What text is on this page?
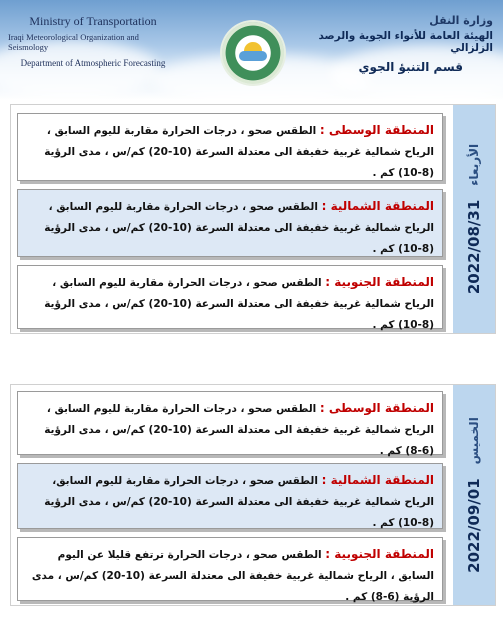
Ministry of Transportation
Iraqi Meteorological Organization and Seismology
Department of Atmospheric Forecasting
وزارة النقل
الهيئة العامة للأنواء الجوية والرصد الزلزالي
قسم التنبؤ الجوي
الأربعاء
2022/08/31
المنطقة الوسطى : الطقس صحو ، درجات الحرارة مقاربة لليوم السابق ، الرياح شمالية غربية خفيفة الى معتدلة السرعة (10-20) كم/س ، مدى الرؤية (8-10) كم .
المنطقة الشمالية : الطقس صحو ، درجات الحرارة مقاربة لليوم السابق ، الرياح شمالية غربية خفيفة الى معتدلة السرعة (10-20) كم/س ، مدى الرؤية (8-10) كم .
المنطقة الجنوبية : الطقس صحو ، درجات الحرارة مقاربة لليوم السابق ، الرياح شمالية غربية خفيفة الى معتدلة السرعة (10-20) كم/س ، مدى الرؤية (8-10) كم .
الخميس
2022/09/01
المنطقة الوسطى : الطقس صحو ، درجات الحرارة مقاربة لليوم السابق ، الرياح شمالية غربية خفيفة الى معتدلة السرعة (10-20) كم/س ، مدى الرؤية (6-8) كم .
المنطقة الشمالية : الطقس صحو ، درجات الحرارة مقاربة لليوم السابق، الرياح شمالية غربية خفيفة الى معتدلة السرعة (10-20) كم/س ، مدى الرؤية (8-10) كم .
المنطقة الجنوبية : الطقس صحو ، درجات الحرارة ترتفع قليلا عن اليوم السابق ، الرياح شمالية غربية خفيفة الى معتدلة السرعة (10-20) كم/س ، مدى الرؤية (6-8) كم .
